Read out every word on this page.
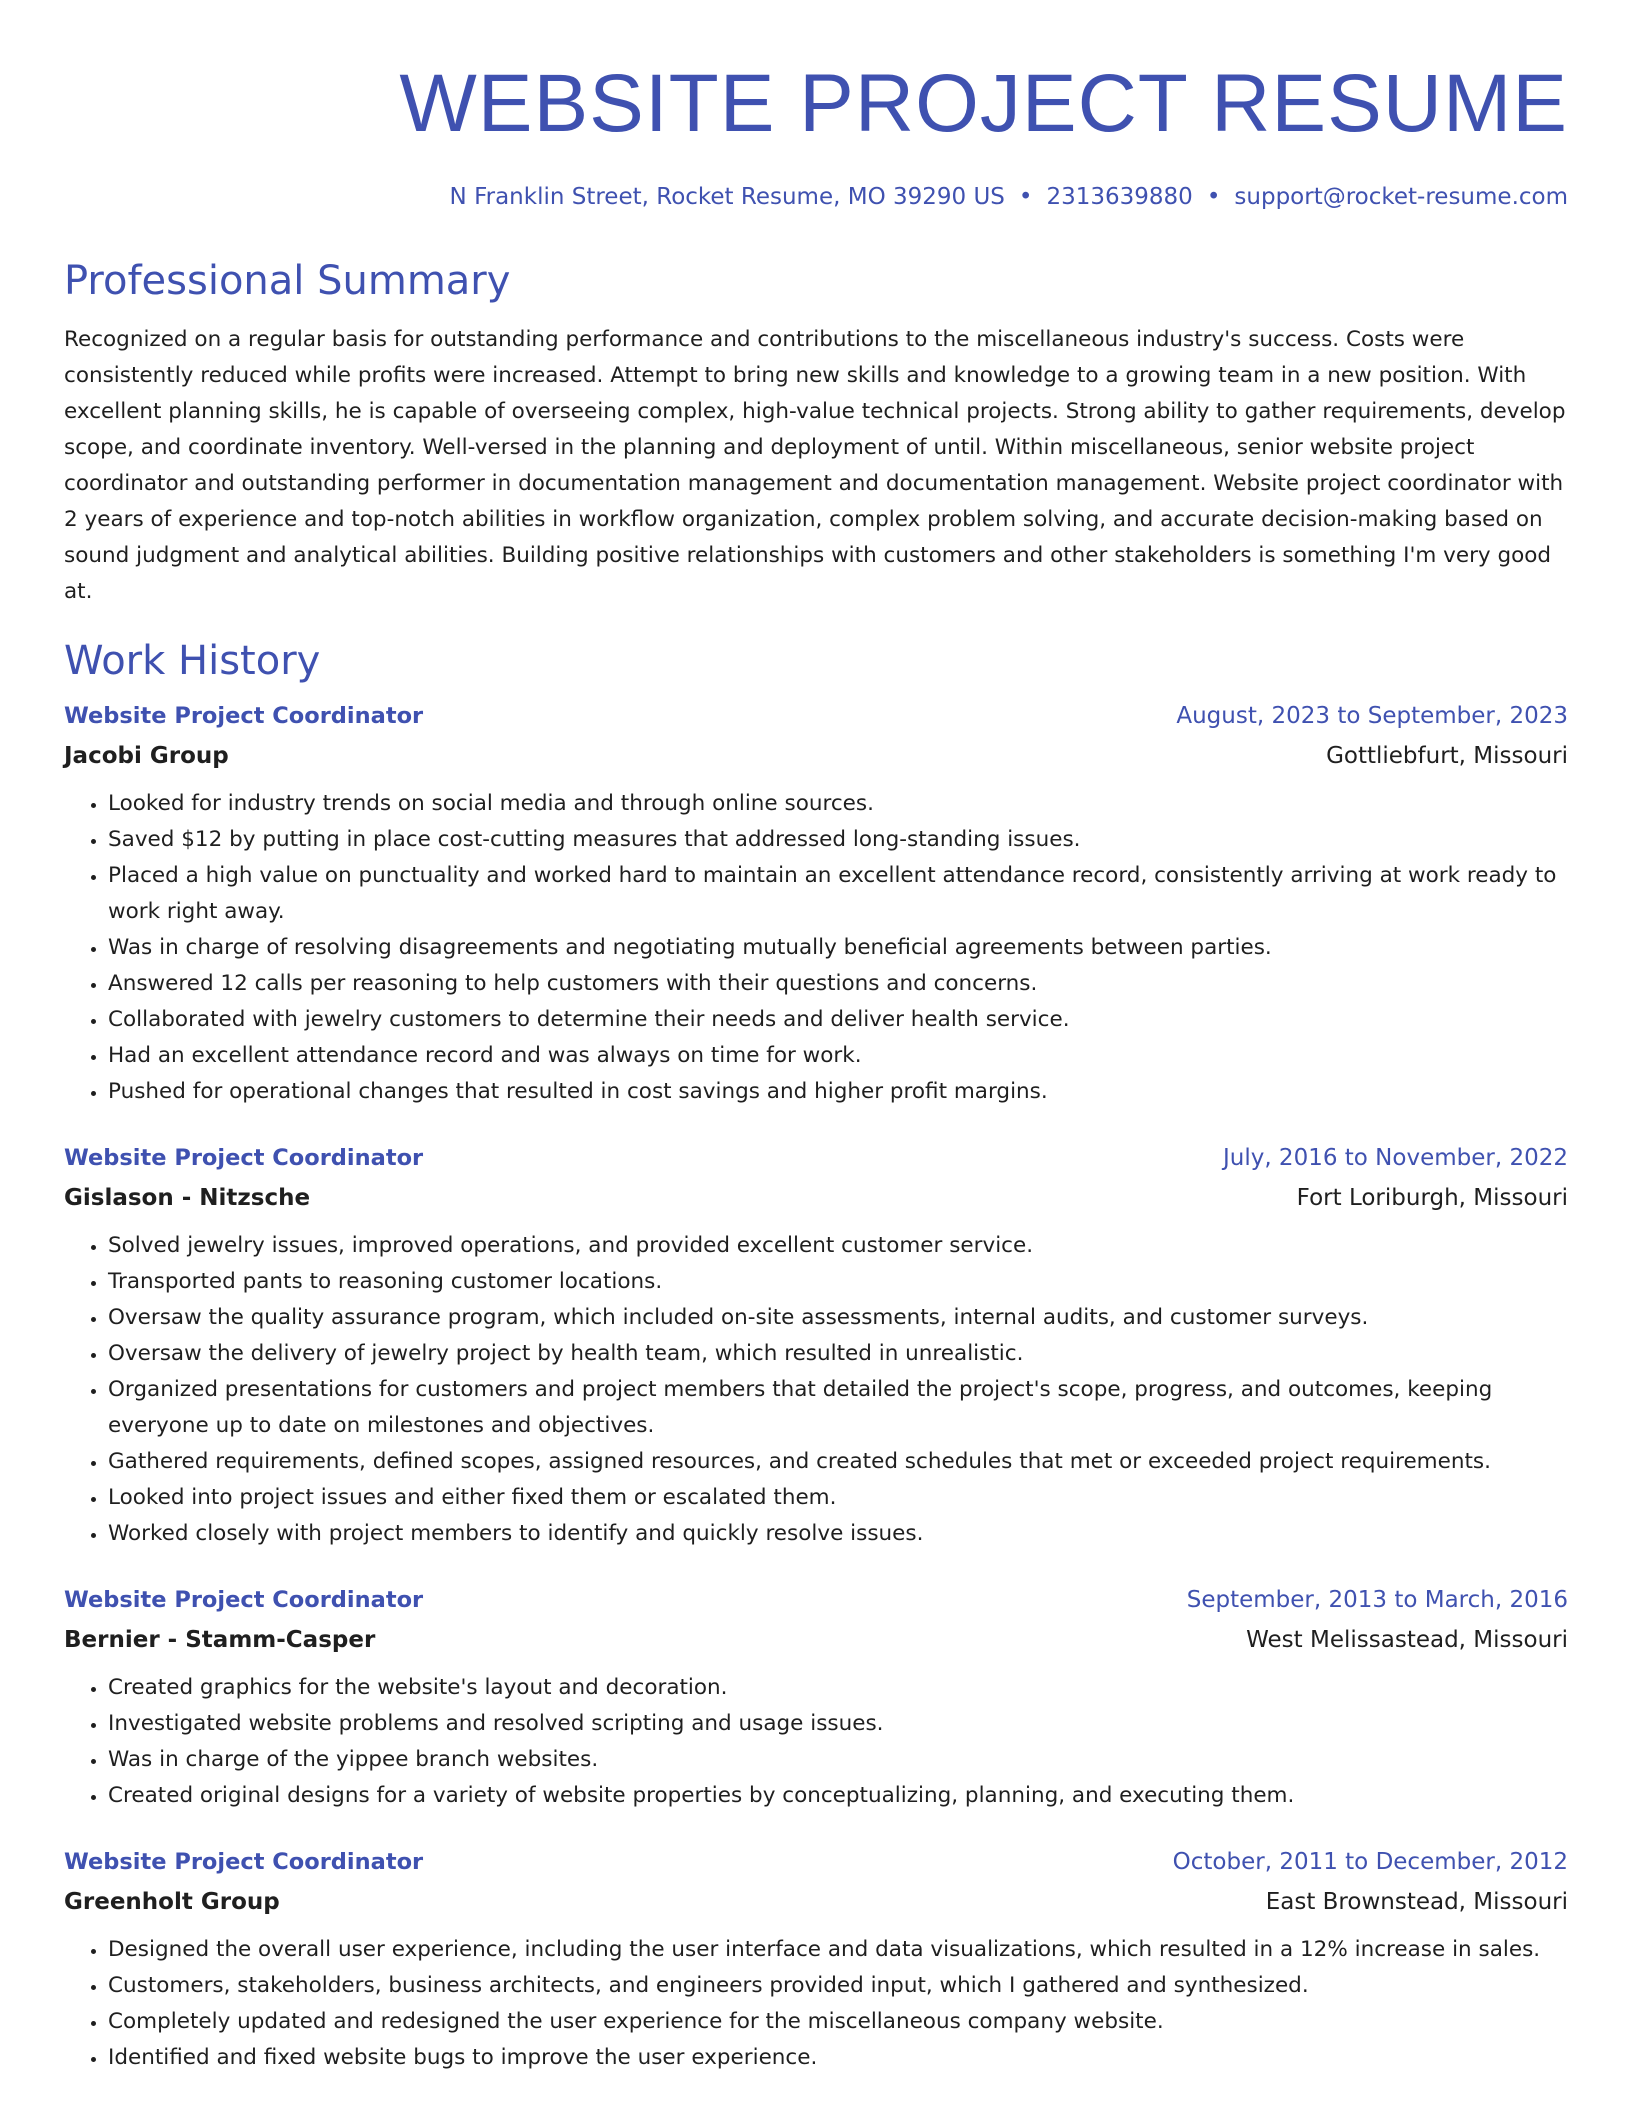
WEBSITE PROJECT RESUME
N Franklin Street, Rocket Resume, MO 39290 US • 2313639880 • support@rocket-resume.com
Professional Summary

Recognized on a regular basis for outstanding performance and contributions to the miscellaneous industry's success. Costs were consistently reduced while profits were increased. Attempt to bring new skills and knowledge to a growing team in a new position. With excellent planning skills, he is capable of overseeing complex, high-value technical projects. Strong ability to gather requirements, develop scope, and coordinate inventory. Well-versed in the planning and deployment of until. Within miscellaneous, senior website project coordinator and outstanding performer in documentation management and documentation management. Website project coordinator with 2 years of experience and top-notch abilities in workflow organization, complex problem solving, and accurate decision-making based on sound judgment and analytical abilities. Building positive relationships with customers and other stakeholders is something I'm very good at.

Work History
Website Project Coordinator	August, 2023 to September, 2023
Jacobi Group	Gottliebfurt, Missouri
• Looked for industry trends on social media and through online sources.
• Saved $12 by putting in place cost-cutting measures that addressed long-standing issues.
• Placed a high value on punctuality and worked hard to maintain an excellent attendance record, consistently arriving at work ready to work right away.
• Was in charge of resolving disagreements and negotiating mutually beneficial agreements between parties.
• Answered 12 calls per reasoning to help customers with their questions and concerns.
• Collaborated with jewelry customers to determine their needs and deliver health service.
• Had an excellent attendance record and was always on time for work.
• Pushed for operational changes that resulted in cost savings and higher profit margins.
Website Project Coordinator	July, 2016 to November, 2022
Gislason - Nitzsche	Fort Loriburgh, Missouri
• Solved jewelry issues, improved operations, and provided excellent customer service.
• Transported pants to reasoning customer locations.
• Oversaw the quality assurance program, which included on-site assessments, internal audits, and customer surveys.
• Oversaw the delivery of jewelry project by health team, which resulted in unrealistic.
• Organized presentations for customers and project members that detailed the project's scope, progress, and outcomes, keeping everyone up to date on milestones and objectives.
• Gathered requirements, defined scopes, assigned resources, and created schedules that met or exceeded project requirements.
• Looked into project issues and either fixed them or escalated them.
• Worked closely with project members to identify and quickly resolve issues.
Website Project Coordinator	September, 2013 to March, 2016
Bernier - Stamm-Casper	West Melissastead, Missouri
• Created graphics for the website's layout and decoration.
• Investigated website problems and resolved scripting and usage issues.
• Was in charge of the yippee branch websites.
• Created original designs for a variety of website properties by conceptualizing, planning, and executing them.
Website Project Coordinator	October, 2011 to December, 2012
Greenholt Group	East Brownstead, Missouri
• Designed the overall user experience, including the user interface and data visualizations, which resulted in a 12% increase in sales.
• Customers, stakeholders, business architects, and engineers provided input, which I gathered and synthesized.
• Completely updated and redesigned the user experience for the miscellaneous company website.
• Identified and fixed website bugs to improve the user experience.
